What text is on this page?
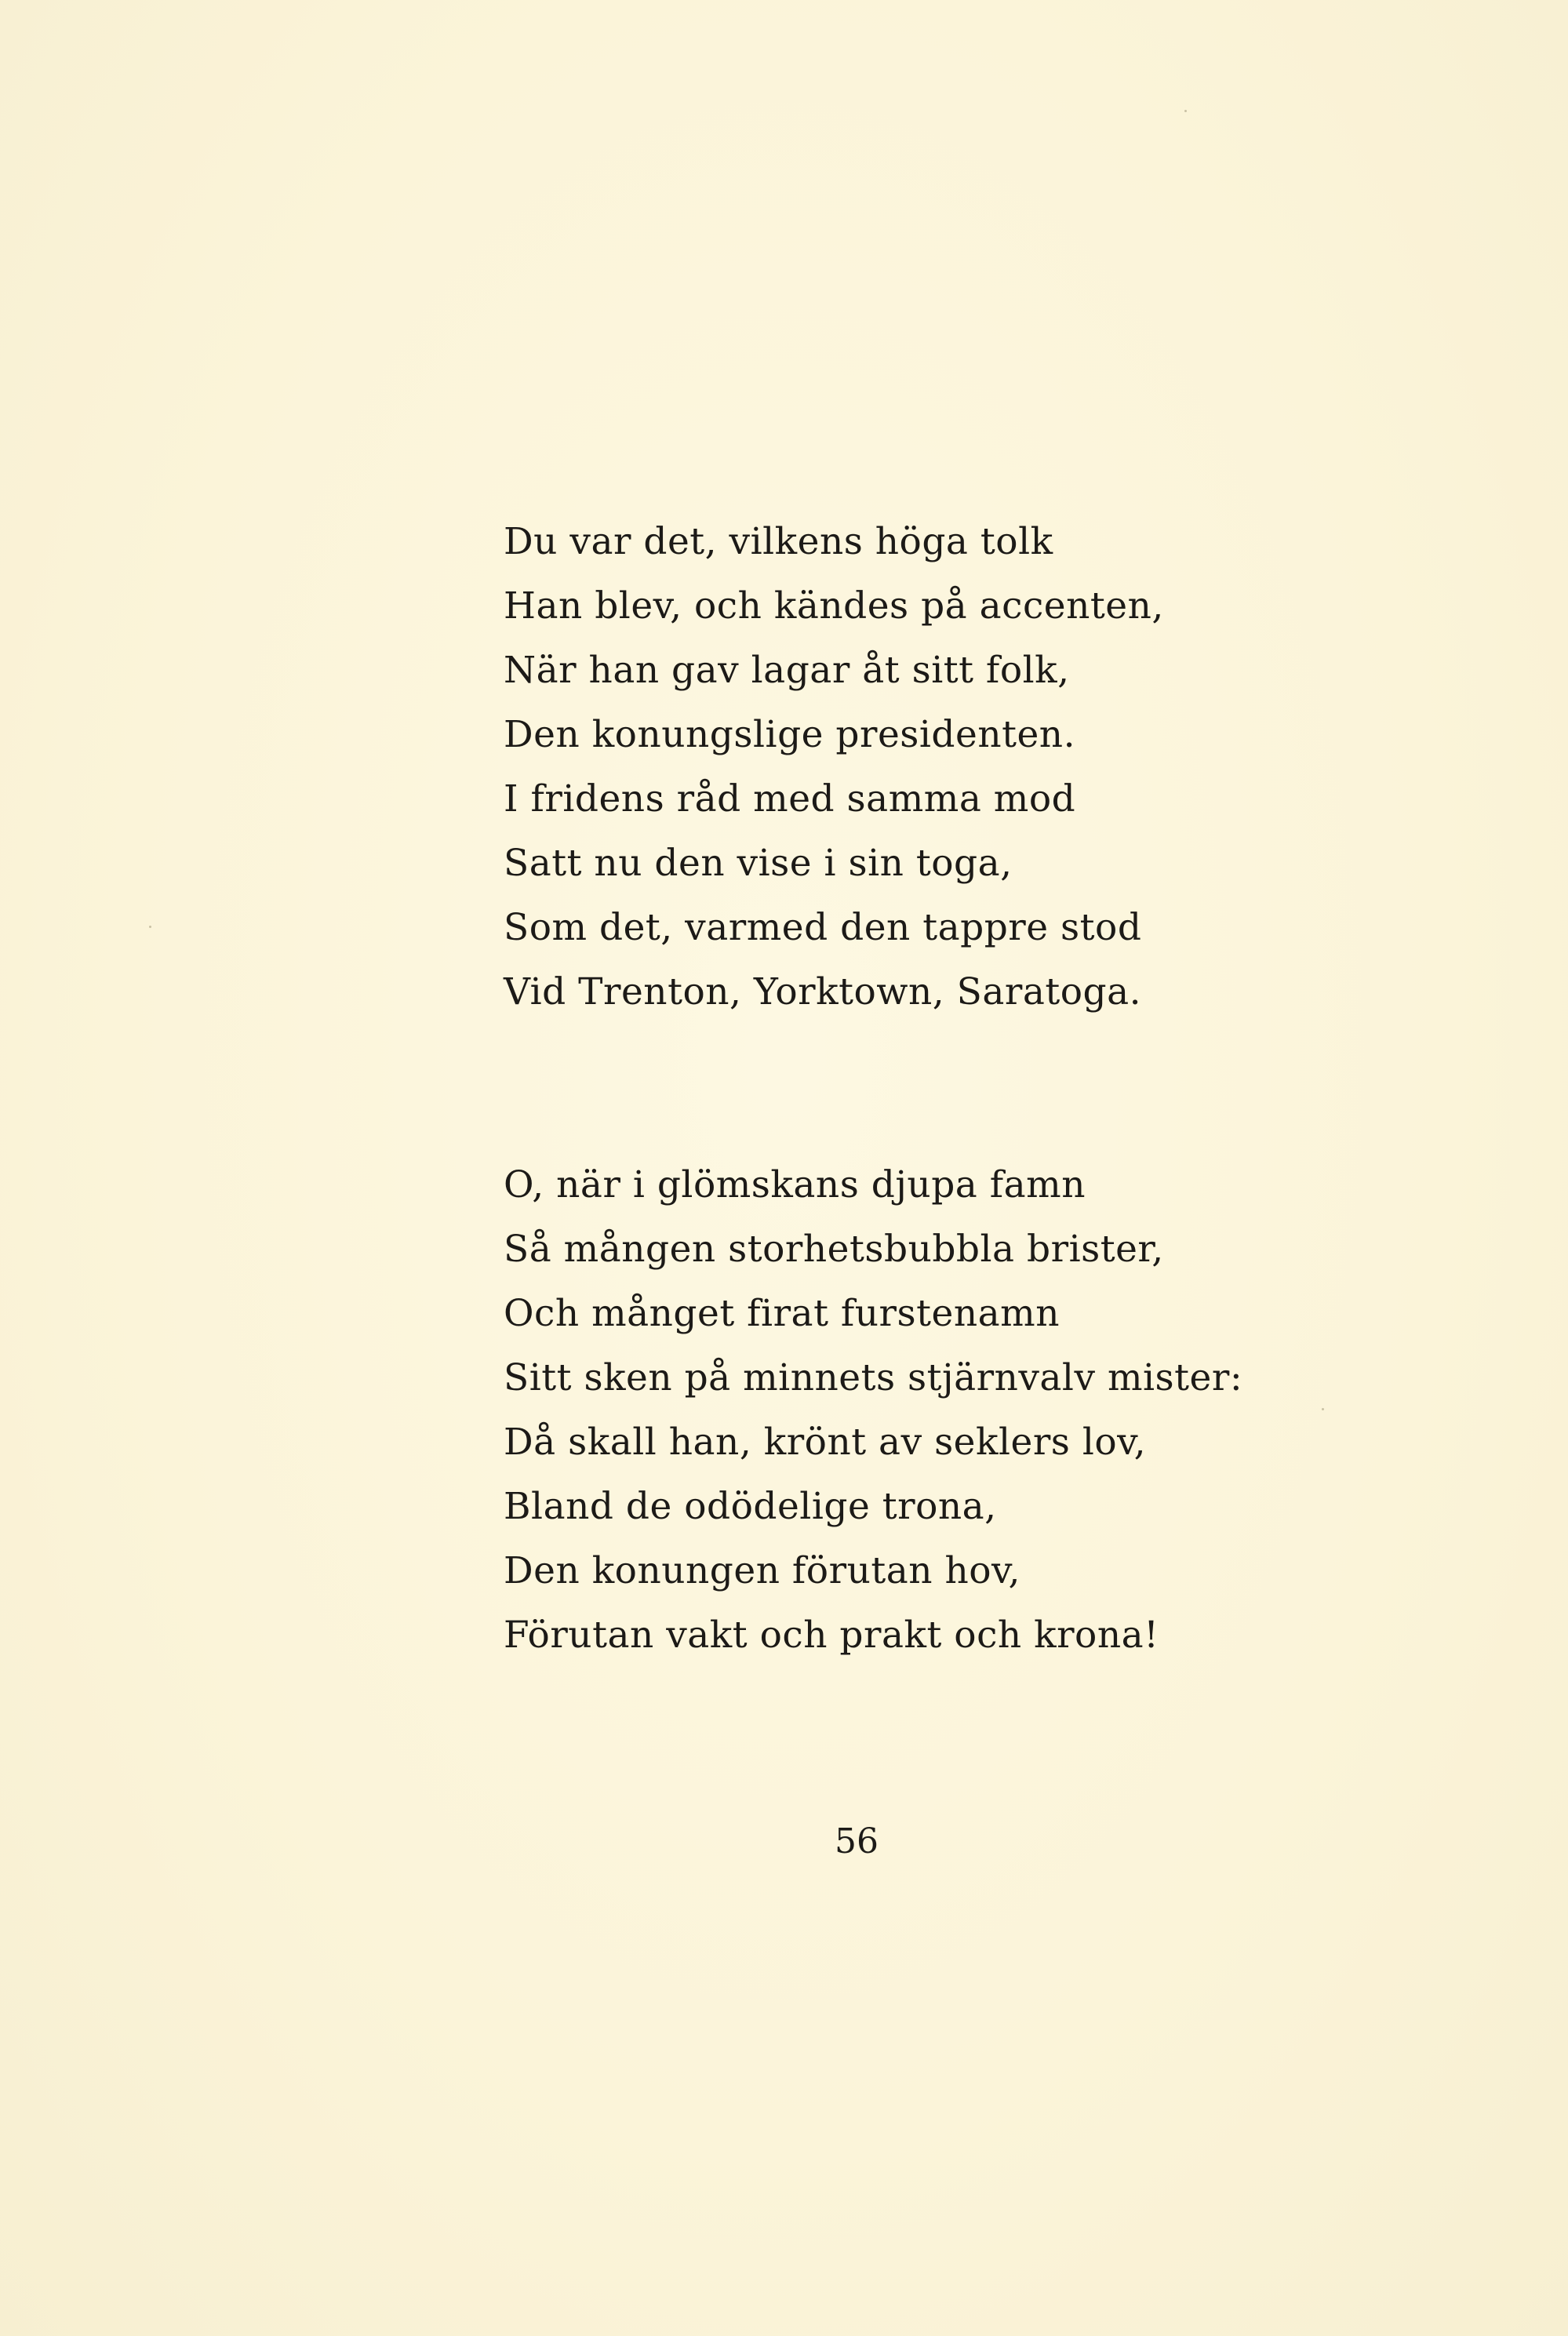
Du var det, vilkens höga tolk
Han blev, och kändes på accenten,
När han gav lagar åt sitt folk,
Den konungslige presidenten.
I fridens råd med samma mod
Satt nu den vise i sin toga,
Som det, varmed den tappre stod
Vid Trenton, Yorktown, Saratoga.
O, när i glömskans djupa famn
Så mången storhetsbubbla brister,
Och månget firat furstenamn
Sitt sken på minnets stjärnvalv mister:
Då skall han, krönt av seklers lov,
Bland de odödelige trona,
Den konungen förutan hov,
Förutan vakt och prakt och krona!
56
